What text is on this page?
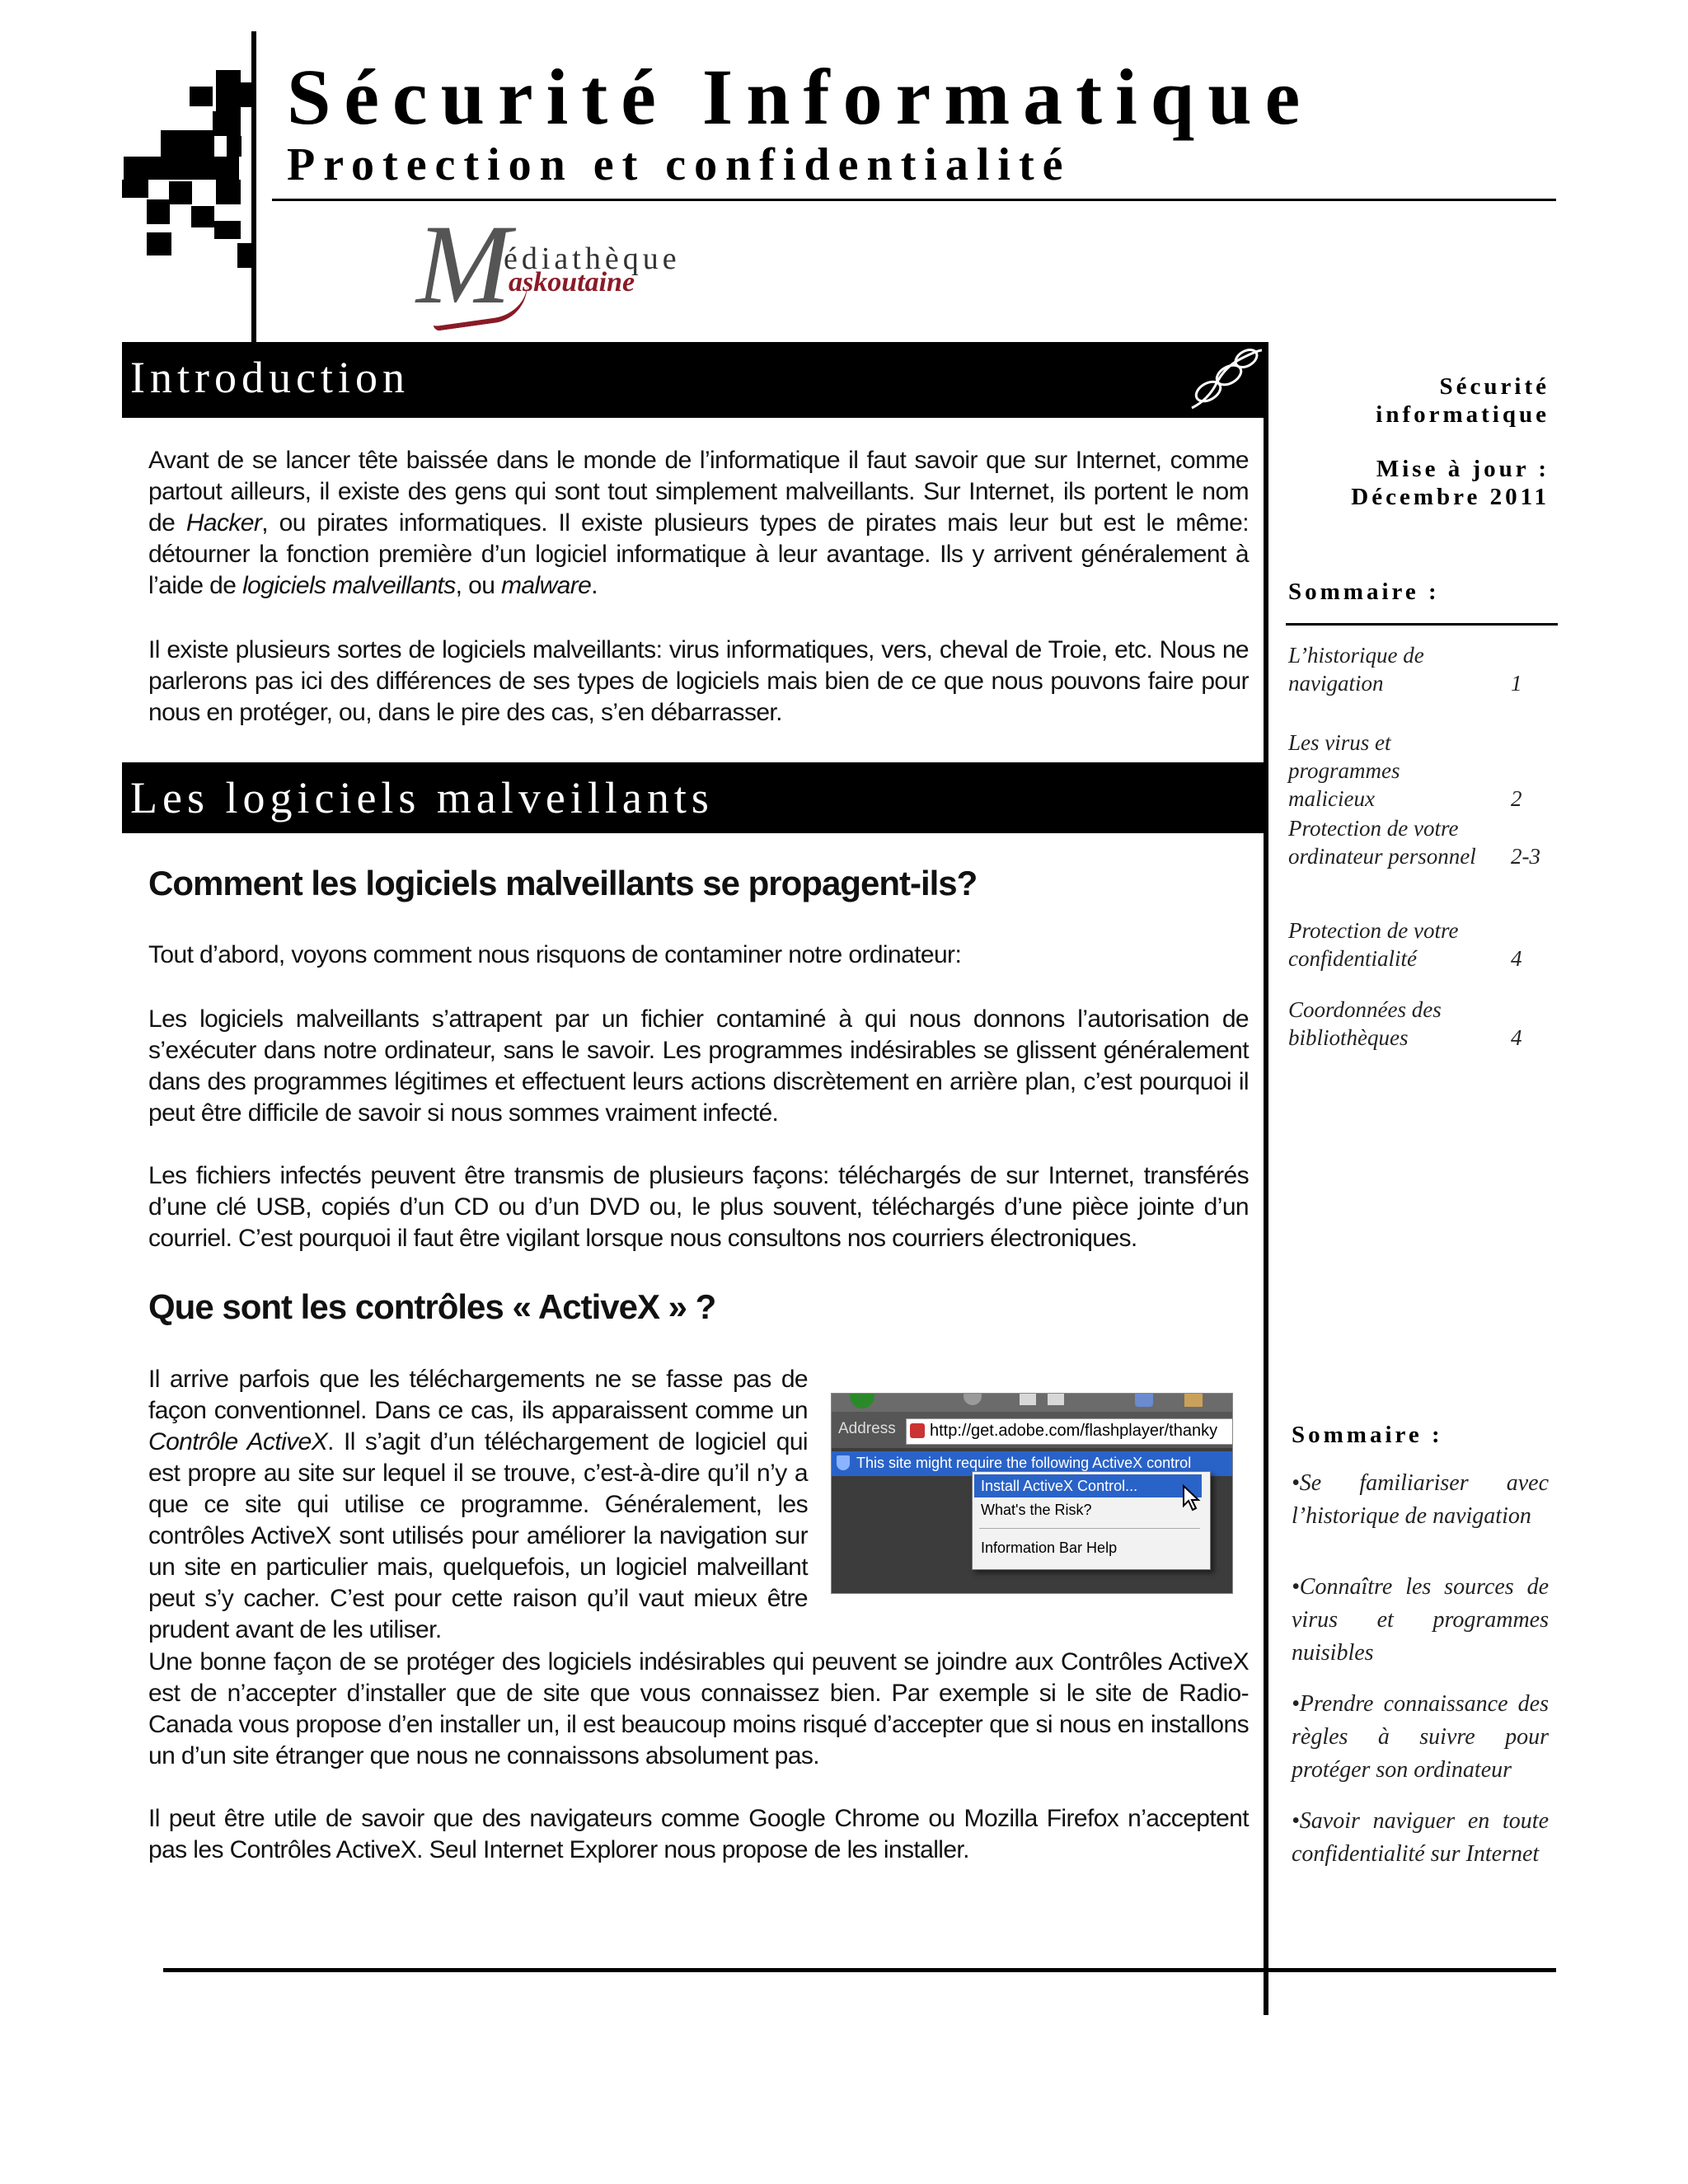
Sécurité Informatique
Protection et confidentialité
M
édiathèque
askoutaine
Introduction
Avant de se lancer tête baissée dans le monde de l’informatique il faut savoir que sur Internet, comme partout ailleurs, il existe des gens qui sont tout simplement malveillants. Sur Internet, ils portent le nom de Hacker, ou pirates informatiques. Il existe plusieurs types de pirates mais leur but est le même: détourner la fonction première d’un logiciel informatique à leur avantage. Ils y arrivent généralement à l’aide de logiciels malveillants, ou malware.
Il existe plusieurs sortes de logiciels malveillants: virus informatiques, vers, cheval de Troie, etc. Nous ne parlerons pas ici des différences de ses types de logiciels mais bien de ce que nous pouvons faire pour nous en protéger, ou, dans le pire des cas, s’en débarrasser.
Les logiciels malveillants
Comment les logiciels malveillants se propagent-ils?
Tout d’abord, voyons comment nous risquons de contaminer notre ordinateur:
Les logiciels malveillants s’attrapent par un fichier contaminé à qui nous donnons l’autorisation de s’exécuter dans notre ordinateur, sans le savoir. Les programmes indésirables se glissent généralement dans des programmes légitimes et effectuent leurs actions discrètement en arrière plan, c’est pourquoi il peut être difficile de savoir si nous sommes vraiment infecté.
Les fichiers infectés peuvent être transmis de plusieurs façons: téléchargés de sur Internet, transférés d’une clé USB, copiés d’un CD ou d’un DVD ou, le plus souvent, téléchargés d’une pièce jointe d’un courriel. C’est pourquoi il faut être vigilant lorsque nous consultons nos courriers électroniques.
Que sont les contrôles « ActiveX » ?
Il arrive parfois que les téléchargements ne se fasse pas de façon conventionnel. Dans ce cas, ils apparaissent comme un Contrôle ActiveX. Il s’agit d’un téléchargement de logiciel qui est propre au site sur lequel il se trouve, c’est-à-dire qu’il n’y a que ce site qui utilise ce programme. Généralement, les contrôles ActiveX sont utilisés pour améliorer la navigation sur un site en particulier mais, quelquefois, un logiciel malveillant peut s’y cacher. C’est pour cette raison qu’il vaut mieux être prudent avant de les utiliser.
Address http://get.adobe.com/flashplayer/thanky
This site might require the following ActiveX control
Install ActiveX Control...
What's the Risk?
Information Bar Help
Une bonne façon de se protéger des logiciels indésirables qui peuvent se joindre aux Contrôles ActiveX est de n’accepter d’installer que de site que vous connaissez bien. Par exemple si le site de Radio-Canada vous propose d’en installer un, il est beaucoup moins risqué d’accepter que si nous en installons un d’un site étranger que nous ne connaissons absolument pas.
Il peut être utile de savoir que des navigateurs comme Google Chrome ou Mozilla Firefox n’acceptent pas les Contrôles ActiveX. Seul Internet Explorer nous propose de les installer.
Sécurité informatique
Mise à jour :
Décembre 2011
Sommaire :
L’historique de navigation	1
Les virus et programmes malicieux	2
Protection de votre ordinateur personnel	2-3
Protection de votre confidentialité	4
Coordonnées des bibliothèques	4
Sommaire :
•Se familiariser avec l’historique de navigation
•Connaître les sources de virus et programmes nuisibles
•Prendre connaissance des règles à suivre pour protéger son ordinateur
•Savoir naviguer en toute confidentialité sur Internet
